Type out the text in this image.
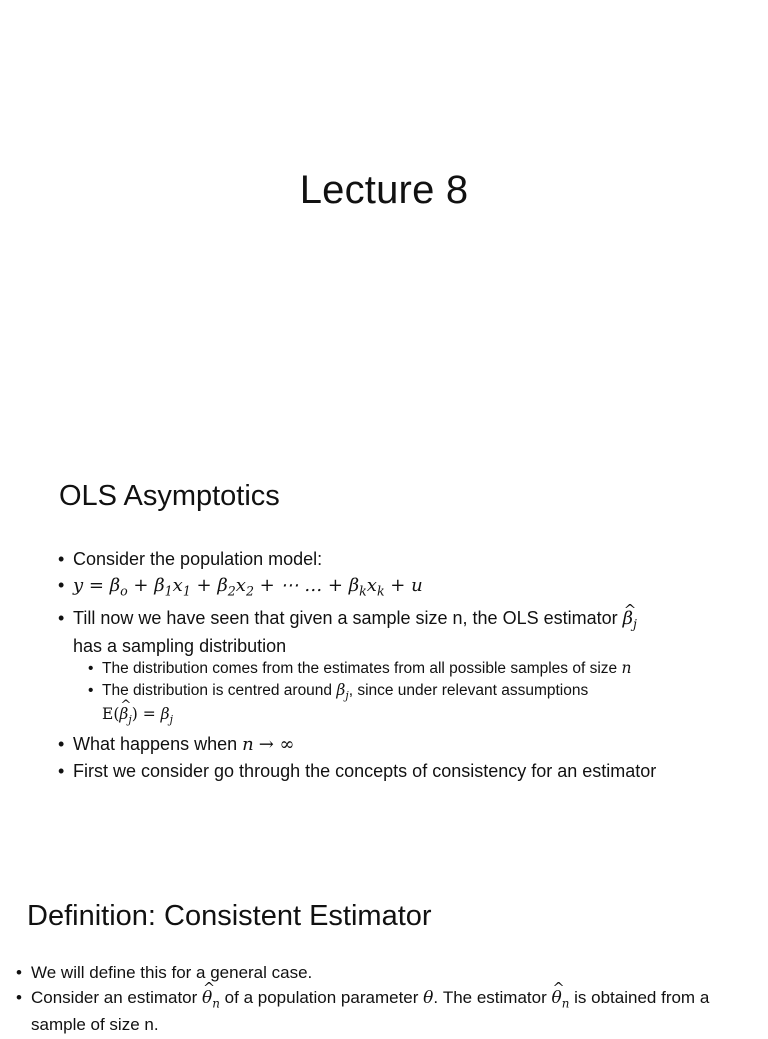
Lecture 8
OLS Asymptotics
• Consider the population model:
• $y = \beta_o + \beta_1x_1 + \beta_2x_2$ + ⋯ … + $\beta_kx_k + u$
• Till now we have seen that given a sample size n, the OLS estimator β $\^{}_j$
has a sampling distribution
• The distribution comes from the estimates from all possible samples of size n
• The distribution is centred around $\beta_j$, since under relevant assumptions
E(β $\^{}_j) = \beta_j$
• What happens when n → ∞
• First we consider go through the concepts of consistency for an estimator
Definition: Consistent Estimator
• We will define this for a general case.
• Consider an estimator θ $\^{}_n$ of a population parameter θ. The estimator θ $\^{}_n$ is obtained from a sample of size n.
